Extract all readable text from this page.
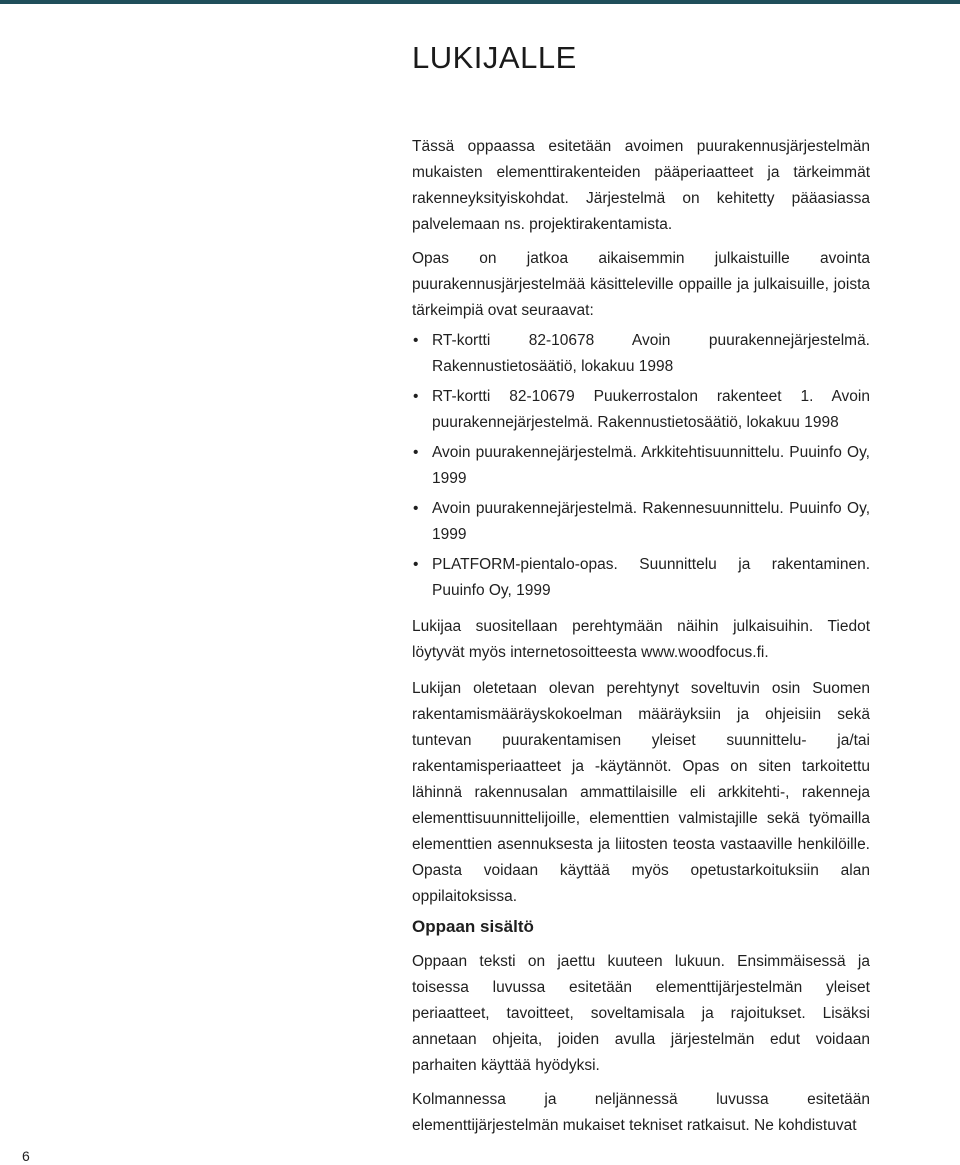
LUKIJALLE

Tässä oppaassa esitetään avoimen puurakennusjärjestelmän mukaisten elementtirakenteiden pääperiaatteet ja tärkeimmät rakenneyksityiskohdat. Järjestelmä on kehitetty pääasiassa palvelemaan ns. projektirakentamista.

Opas on jatkoa aikaisemmin julkaistuille avointa puurakennusjärjestelmää käsitteleville oppaille ja julkaisuille, joista tärkeimpiä ovat seuraavat:

• RT-kortti 82-10678 Avoin puurakennejärjestelmä. Rakennustietosäätiö, lokakuu 1998
• RT-kortti 82-10679 Puukerrostalon rakenteet 1. Avoin puurakennejärjestelmä. Rakennustietosäätiö, lokakuu 1998
• Avoin puurakennejärjestelmä. Arkkitehtisuunnittelu. Puuinfo Oy, 1999
• Avoin puurakennejärjestelmä. Rakennesuunnittelu. Puuinfo Oy, 1999
• PLATFORM-pientalo-opas. Suunnittelu ja rakentaminen. Puuinfo Oy, 1999

Lukijaa suositellaan perehtymään näihin julkaisuihin. Tiedot löytyvät myös internetosoitteesta www.woodfocus.fi.

Lukijan oletetaan olevan perehtynyt soveltuvin osin Suomen rakentamismääräyskokoelman määräyksiin ja ohjeisiin sekä tuntevan puurakentamisen yleiset suunnittelu- ja/tai rakentamisperiaatteet ja -käytännöt. Opas on siten tarkoitettu lähinnä rakennusalan ammattilaisille eli arkkitehti-, rakenneja elementtisuunnittelijoille, elementtien valmistajille sekä työmailla elementtien asennuksesta ja liitosten teosta vastaaville henkilöille. Opasta voidaan käyttää myös opetustarkoituksiin alan oppilaitoksissa.

Oppaan sisältö

Oppaan teksti on jaettu kuuteen lukuun. Ensimmäisessä ja toisessa luvussa esitetään elementtijärjestelmän yleiset periaatteet, tavoitteet, soveltamisala ja rajoitukset. Lisäksi annetaan ohjeita, joiden avulla järjestelmän edut voidaan parhaiten käyttää hyödyksi.

Kolmannessa ja neljännessä luvussa esitetään elementtijärjestelmän mukaiset tekniset ratkaisut. Ne kohdistuvat

6
